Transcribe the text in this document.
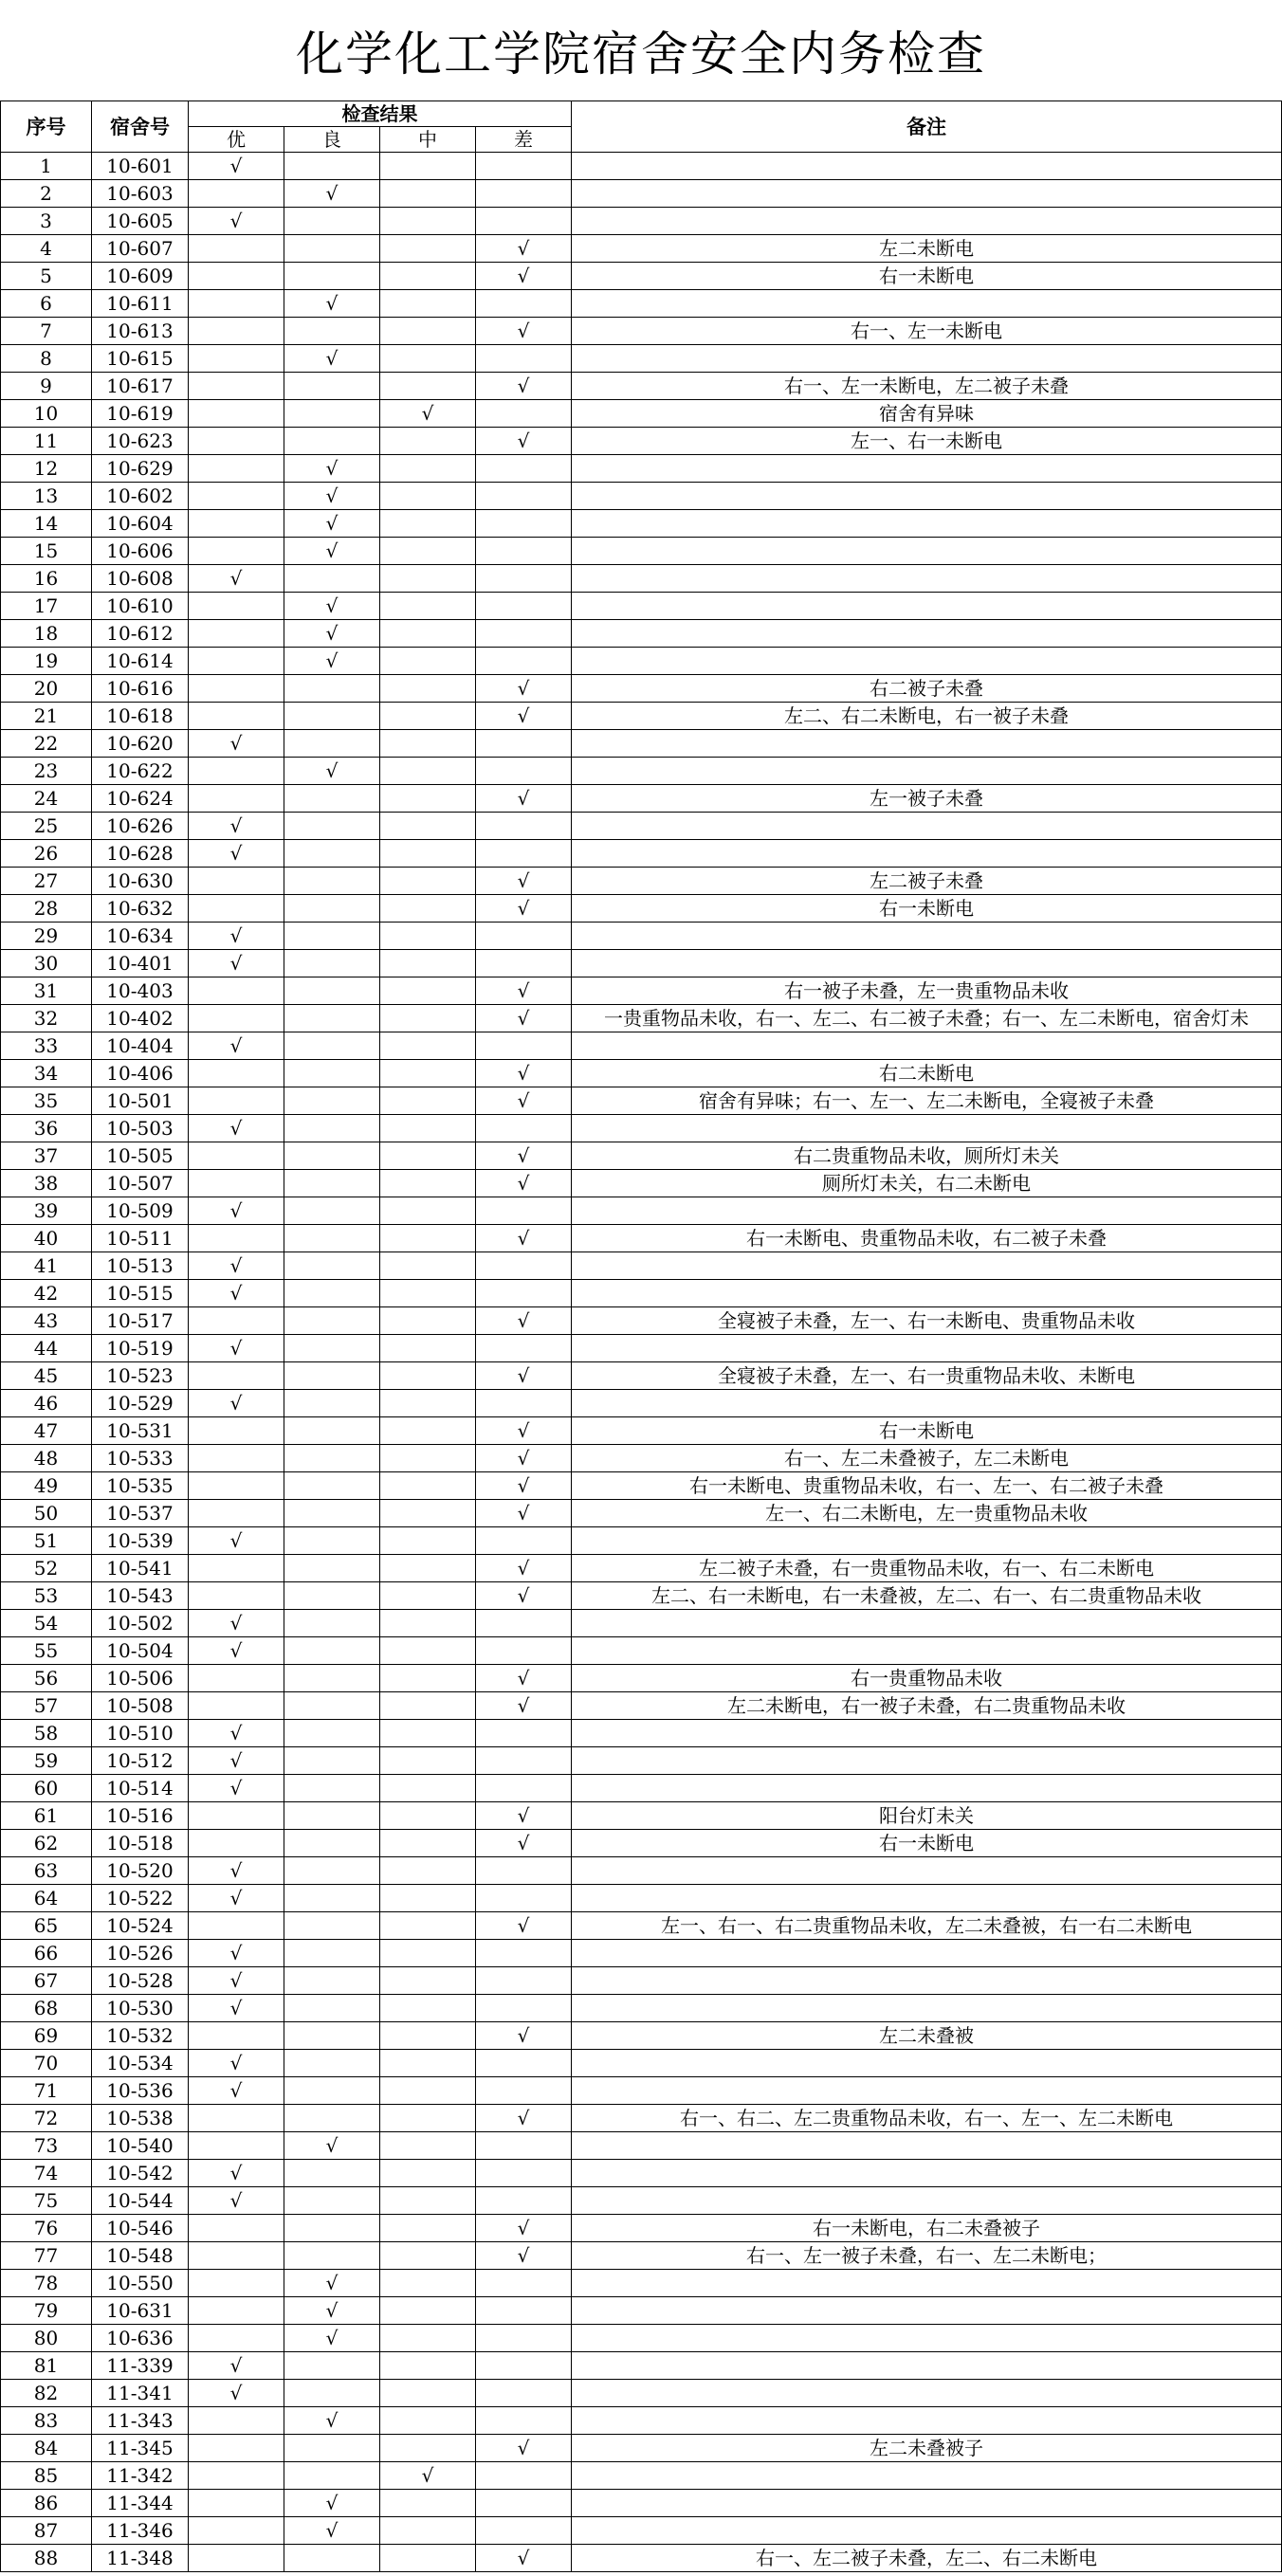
化学化工学院宿舍安全内务检查
序号	宿舍号	检查结果				备注
		优	良	中	差	
1	10-601	√				
2	10-603		√			
3	10-605	√				
4	10-607				√	左二未断电
5	10-609				√	右一未断电
6	10-611		√			
7	10-613				√	右一、左一未断电
8	10-615		√			
9	10-617				√	右一、左一未断电，左二被子未叠
10	10-619			√		宿舍有异味
11	10-623				√	左一、右一未断电
12	10-629		√			
13	10-602		√			
14	10-604		√			
15	10-606		√			
16	10-608	√				
17	10-610		√			
18	10-612		√			
19	10-614		√			
20	10-616				√	右二被子未叠
21	10-618				√	左二、右二未断电，右一被子未叠
22	10-620	√				
23	10-622		√			
24	10-624				√	左一被子未叠
25	10-626	√				
26	10-628	√				
27	10-630				√	左二被子未叠
28	10-632				√	右一未断电
29	10-634	√				
30	10-401	√				
31	10-403				√	右一被子未叠，左一贵重物品未收
32	10-402				√	一贵重物品未收，右一、左二、右二被子未叠；右一、左二未断电，宿舍灯未
33	10-404	√				
34	10-406				√	右二未断电
35	10-501				√	宿舍有异味；右一、左一、左二未断电，全寝被子未叠
36	10-503	√				
37	10-505				√	右二贵重物品未收，厕所灯未关
38	10-507				√	厕所灯未关，右二未断电
39	10-509	√				
40	10-511				√	右一未断电、贵重物品未收，右二被子未叠
41	10-513	√				
42	10-515	√				
43	10-517				√	全寝被子未叠，左一、右一未断电、贵重物品未收
44	10-519	√				
45	10-523				√	全寝被子未叠，左一、右一贵重物品未收、未断电
46	10-529	√				
47	10-531				√	右一未断电
48	10-533				√	右一、左二未叠被子，左二未断电
49	10-535				√	右一未断电、贵重物品未收，右一、左一、右二被子未叠
50	10-537				√	左一、右二未断电，左一贵重物品未收
51	10-539	√				
52	10-541				√	左二被子未叠，右一贵重物品未收，右一、右二未断电
53	10-543				√	左二、右一未断电，右一未叠被，左二、右一、右二贵重物品未收
54	10-502	√				
55	10-504	√				
56	10-506				√	右一贵重物品未收
57	10-508				√	左二未断电，右一被子未叠，右二贵重物品未收
58	10-510	√				
59	10-512	√				
60	10-514	√				
61	10-516				√	阳台灯未关
62	10-518				√	右一未断电
63	10-520	√				
64	10-522	√				
65	10-524				√	左一、右一、右二贵重物品未收，左二未叠被，右一右二未断电
66	10-526	√				
67	10-528	√				
68	10-530	√				
69	10-532				√	左二未叠被
70	10-534	√				
71	10-536	√				
72	10-538				√	右一、右二、左二贵重物品未收，右一、左一、左二未断电
73	10-540		√			
74	10-542	√				
75	10-544	√				
76	10-546				√	右一未断电，右二未叠被子
77	10-548				√	右一、左一被子未叠，右一、左二未断电；
78	10-550		√			
79	10-631		√			
80	10-636		√			
81	11-339	√				
82	11-341	√				
83	11-343		√			
84	11-345				√	左二未叠被子
85	11-342			√		
86	11-344		√			
87	11-346		√			
88	11-348				√	右一、左二被子未叠，左二、右二未断电
